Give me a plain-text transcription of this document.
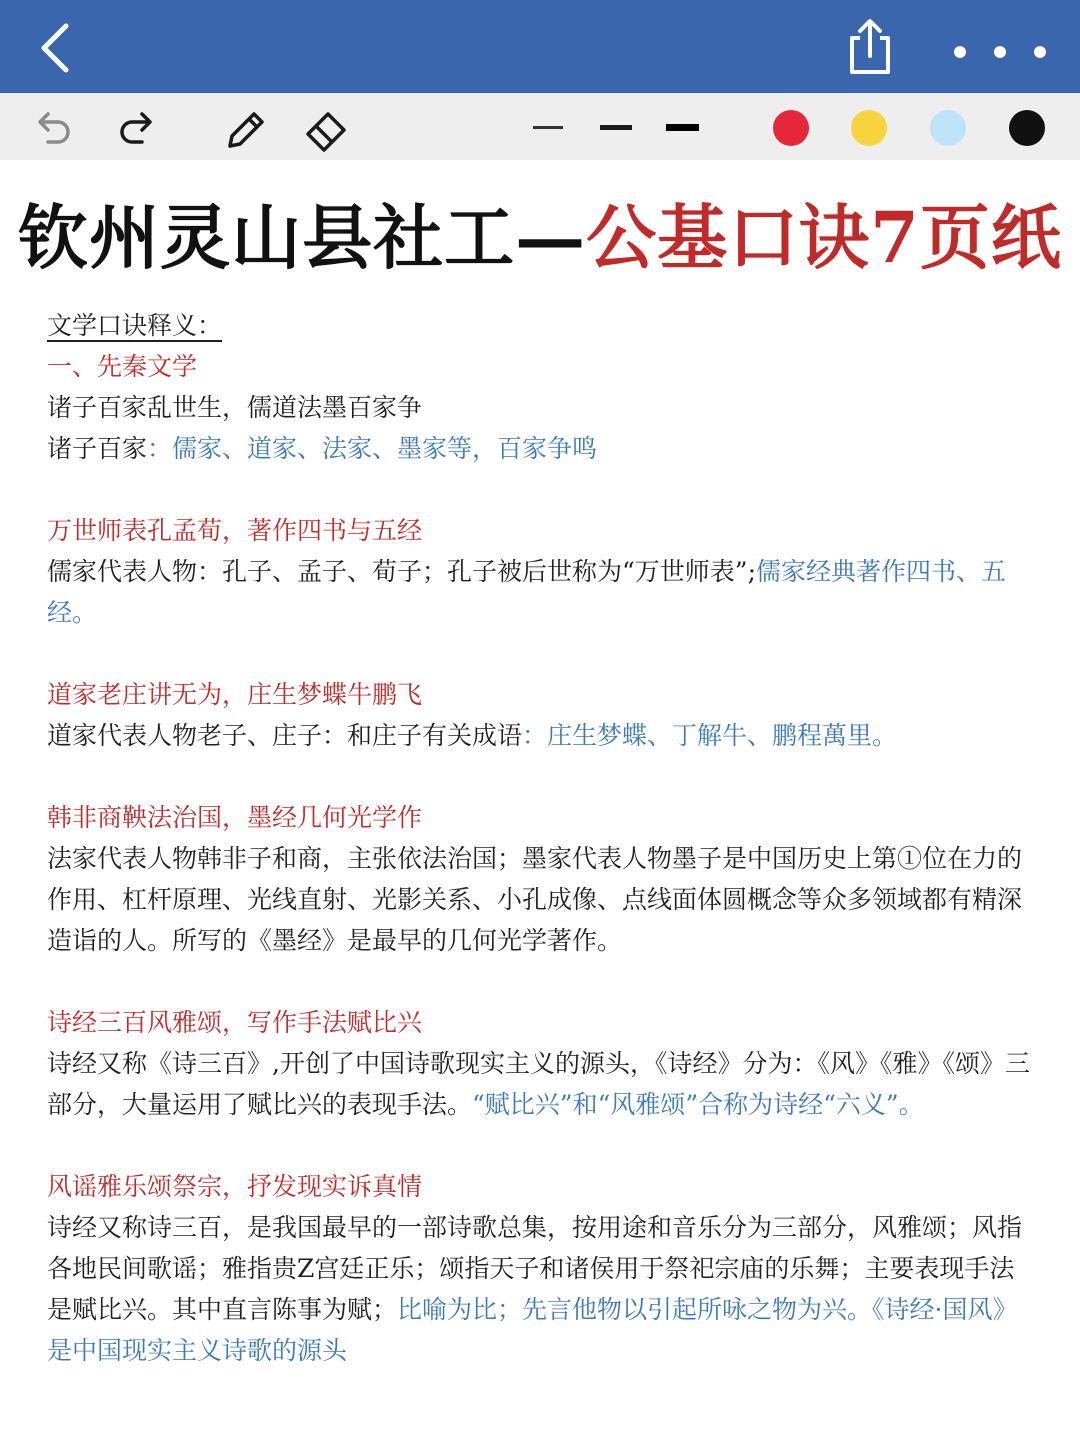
钦州灵山县社工—公基口诀7页纸

文学口诀释义：

一、先秦文学

诸子百家乱世生，儒道法墨百家争

诸子百家：儒家、道家、法家、墨家等，百家争鸣

万世师表孔孟荀，著作四书与五经

儒家代表人物：孔子、孟子、荀子；孔子被后世称为“万世师表”;儒家经典著作四书、五经。

道家老庄讲无为，庄生梦蝶牛鹏飞

道家代表人物老子、庄子：和庄子有关成语：庄生梦蝶、丁解牛、鹏程萬里。

韩非商鞅法治国，墨经几何光学作

法家代表人物韩非子和商，主张依法治国；墨家代表人物墨子是中国历史上第①位在力的作用、杠杆原理、光线直射、光影关系、小孔成像、点线面体圆概念等众多领域都有精深造诣的人。所写的《墨经》是最早的几何光学著作。

诗经三百风雅颂，写作手法赋比兴

诗经又称《诗三百》,开创了中国诗歌现实主义的源头，《诗经》分为：《风》《雅》《颂》三部分，大量运用了赋比兴的表现手法。“赋比兴”和“风雅颂”合称为诗经“六义”。

风谣雅乐颂祭宗，抒发现实诉真情

诗经又称诗三百，是我国最早的一部诗歌总集，按用途和音乐分为三部分，风雅颂；风指各地民间歌谣；雅指贵Z宫廷正乐；颂指天子和诸侯用于祭祀宗庙的乐舞；主要表现手法是赋比兴。其中直言陈事为赋；比喻为比；先言他物以引起所咏之物为兴。《诗经·国风》是中国现实主义诗歌的源头
